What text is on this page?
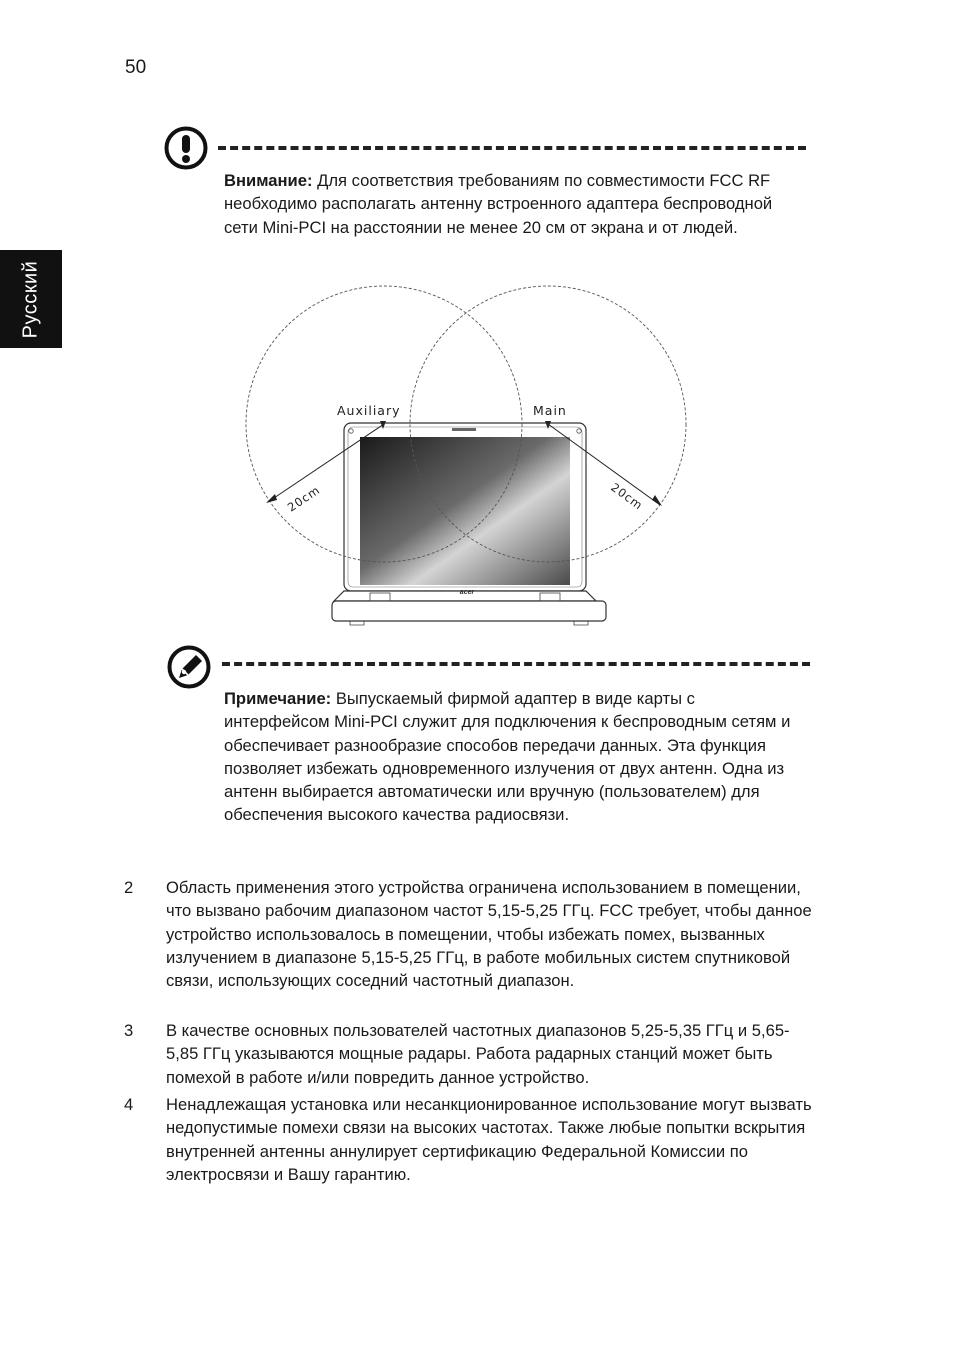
50
Русский
Внимание: Для соответствия требованиям по совместимости FCC RF необходимо располагать антенну встроенного адаптера беспроводной сети Mini-PCI на расстоянии не менее 20 см от экрана и от людей.
acer
Auxiliary	Main
20cm	20cm
Примечание: Выпускаемый фирмой адаптер в виде карты с интерфейсом Mini-PCI служит для подключения к беспроводным сетям и обеспечивает разнообразие способов передачи данных. Эта функция позволяет избежать одновременного излучения от двух антенн. Одна из антенн выбирается автоматически или вручную (пользователем) для обеспечения высокого качества радиосвязи.
2 Область применения этого устройства ограничена использованием в помещении, что вызвано рабочим диапазоном частот 5,15-5,25 ГГц. FCC требует, чтобы данное устройство использовалось в помещении, чтобы избежать помех, вызванных излучением в диапазоне 5,15-5,25 ГГц, в работе мобильных систем спутниковой связи, использующих соседний частотный диапазон.
3 В качестве основных пользователей частотных диапазонов 5,25-5,35 ГГц и 5,65-5,85 ГГц указываются мощные радары. Работа радарных станций может быть помехой в работе и/или повредить данное устройство.
4 Ненадлежащая установка или несанкционированное использование могут вызвать недопустимые помехи связи на высоких частотах. Также любые попытки вскрытия внутренней антенны аннулирует сертификацию Федеральной Комиссии по электросвязи и Вашу гарантию.
